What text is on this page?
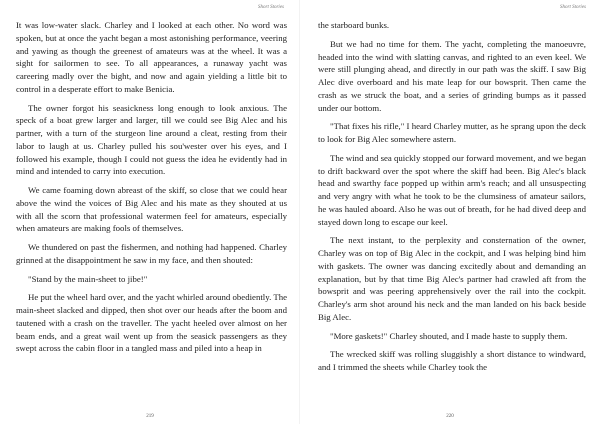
Short Stories

It was low-water slack. Charley and I looked at each other. No word was spoken, but at once the yacht began a most astonishing performance, veering and yawing as though the greenest of amateurs was at the wheel. It was a sight for sailormen to see. To all appearances, a runaway yacht was careering madly over the bight, and now and again yielding a little bit to control in a desperate effort to make Benicia.

The owner forgot his seasickness long enough to look anxious. The speck of a boat grew larger and larger, till we could see Big Alec and his partner, with a turn of the sturgeon line around a cleat, resting from their labor to laugh at us. Charley pulled his sou'wester over his eyes, and I followed his example, though I could not guess the idea he evidently had in mind and intended to carry into execution.

We came foaming down abreast of the skiff, so close that we could hear above the wind the voices of Big Alec and his mate as they shouted at us with all the scorn that professional watermen feel for amateurs, especially when amateurs are making fools of themselves.

We thundered on past the fishermen, and nothing had happened. Charley grinned at the disappointment he saw in my face, and then shouted:

"Stand by the main-sheet to jibe!"

He put the wheel hard over, and the yacht whirled around obediently. The main-sheet slacked and dipped, then shot over our heads after the boom and tautened with a crash on the traveller. The yacht heeled over almost on her beam ends, and a great wail went up from the seasick passengers as they swept across the cabin floor in a tangled mass and piled into a heap in

219
Short Stories

the starboard bunks.

But we had no time for them. The yacht, completing the manoeuvre, headed into the wind with slatting canvas, and righted to an even keel. We were still plunging ahead, and directly in our path was the skiff. I saw Big Alec dive overboard and his mate leap for our bowsprit. Then came the crash as we struck the boat, and a series of grinding bumps as it passed under our bottom.

"That fixes his rifle," I heard Charley mutter, as he sprang upon the deck to look for Big Alec somewhere astern.

The wind and sea quickly stopped our forward movement, and we began to drift backward over the spot where the skiff had been. Big Alec's black head and swarthy face popped up within arm's reach; and all unsuspecting and very angry with what he took to be the clumsiness of amateur sailors, he was hauled aboard. Also he was out of breath, for he had dived deep and stayed down long to escape our keel.

The next instant, to the perplexity and consternation of the owner, Charley was on top of Big Alec in the cockpit, and I was helping bind him with gaskets. The owner was dancing excitedly about and demanding an explanation, but by that time Big Alec's partner had crawled aft from the bowsprit and was peering apprehensively over the rail into the cockpit. Charley's arm shot around his neck and the man landed on his back beside Big Alec.

"More gaskets!" Charley shouted, and I made haste to supply them.

The wrecked skiff was rolling sluggishly a short distance to windward, and I trimmed the sheets while Charley took the

220
